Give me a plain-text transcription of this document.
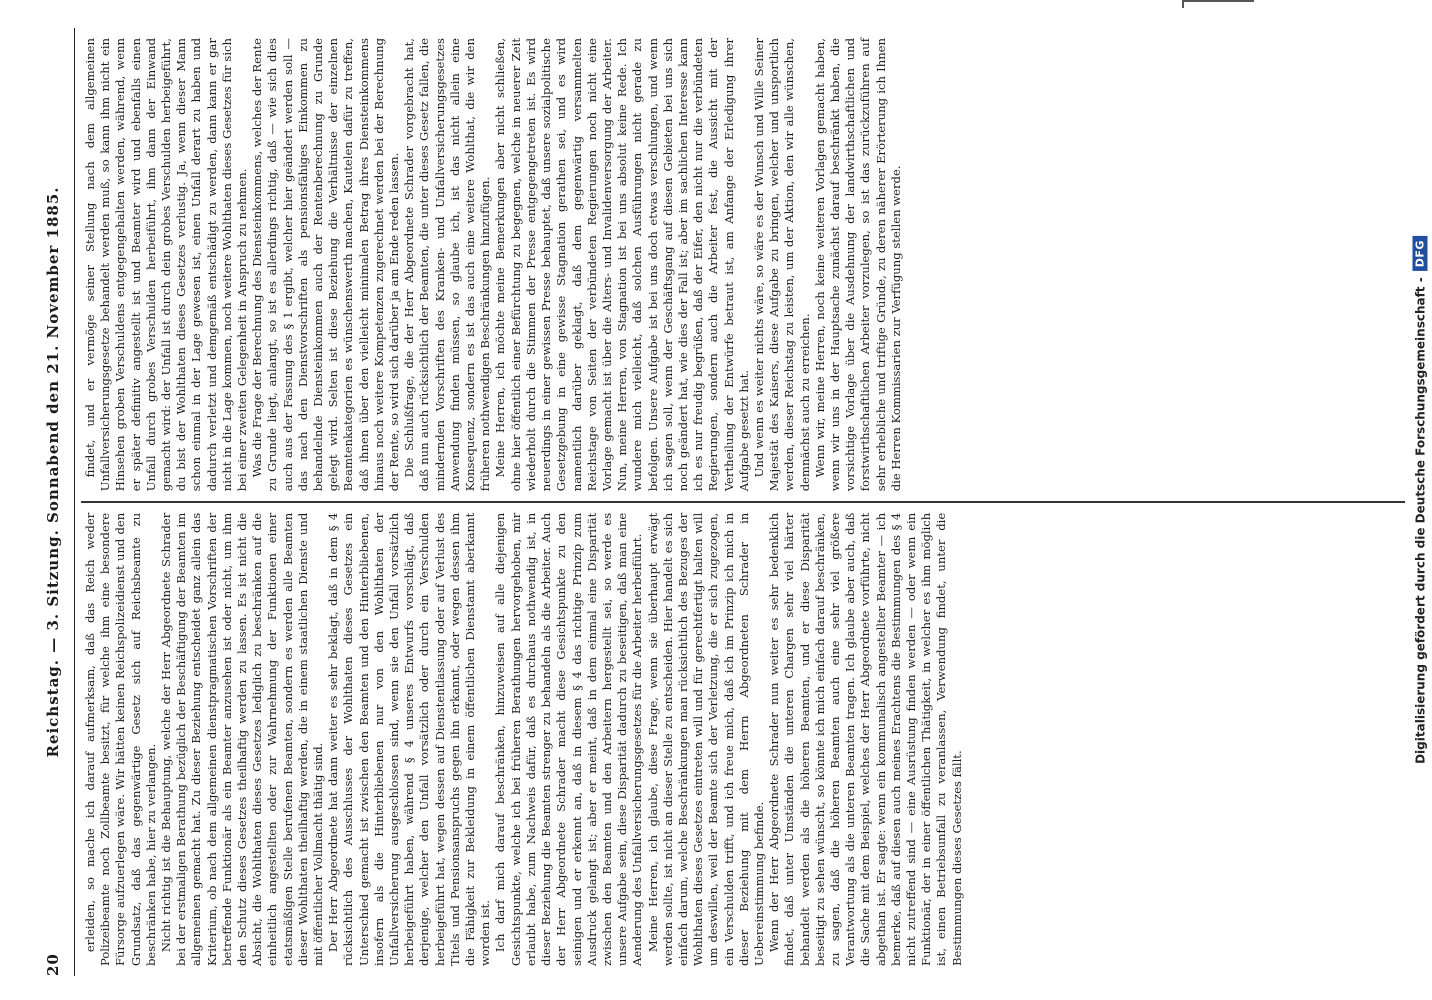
20
Reichstag. — 3. Sitzung. Sonnabend den 21. November 1885. erleiden, so mache ich darauf aufmerksam, daß das Reich weder Polizeibeamte noch Zollbeamte besitzt, für welche ihm eine besondere Fürsorge aufzuerlegen wäre. Wir hätten keinen Reichspolizeidienst und den Grundsatz, daß das gegenwärtige Gesetz sich auf Reichsbeamte zu beschränken habe, hier zu verlangen. Nicht richtig ist die Behauptung, welche der Herr Abgeordnete Schrader bei der erstmaligen Berathung bezüglich der Beschäftigung der Beamten im allgemeinen gemacht hat. Zu dieser Beziehung entscheidet ganz allein das Kriterium, ob nach dem allgemeinen dienstpragmatischen Vorschriften der betreffende Funktionär als ein Beamter anzusehen ist oder nicht, um ihm den Schutz dieses Gesetzes theilhaftig werden zu lassen. Es ist nicht die Absicht, die Wohlthaten dieses Gesetzes lediglich zu beschränken auf die einheitlich angestellten oder zur Wahrnehmung der Funktionen einer etatsmäßigen Stelle berufenen Beamten, sondern es werden alle Beamten dieser Wohlthaten theilhaftig werden, die in einem staatlichen Dienste und mit öffentlicher Vollmacht thätig sind. Der Herr Abgeordnete hat dann weiter es sehr beklagt, daß in dem § 4 rücksichtlich des Ausschlusses der Wohlthaten dieses Gesetzes ein Unterschied gemacht ist zwischen den Beamten und den Hinterbliebenen, insofern als die Hinterbliebenen nur von den Wohlthaten der Unfallversicherung ausgeschlossen sind, wenn sie den Unfall vorsätzlich herbeigeführt haben, während § 4 unseres Entwurfs vorschlägt, daß derjenige, welcher den Unfall vorsätzlich oder durch ein Verschulden herbeigeführt hat, wegen dessen auf Dienstentlassung oder auf Verlust des Titels und Pensionsanspruchs gegen ihn erkannt, oder wegen dessen ihm die Fähigkeit zur Bekleidung in einem öffentlichen Dienstamt aberkannt worden ist. Ich darf mich darauf beschränken, hinzuweisen auf alle diejenigen Gesichtspunkte, welche ich bei früheren Berathungen hervorgehoben, mir erlaubt habe, zum Nachweis dafür, daß es durchaus nothwendig ist, in dieser Beziehung die Beamten strenger zu behandeln als die Arbeiter. Auch der Herr Abgeordnete Schrader macht diese Gesichtspunkte zu den seinigen und er erkennt an, daß in diesem § 4 das richtige Prinzip zum Ausdruck gelangt ist; aber er meint, daß in dem einmal eine Disparität zwischen den Beamten und den Arbeitern hergestellt sei, so werde es unsere Aufgabe sein, diese Disparität dadurch zu beseitigen, daß man eine Aenderung des Unfallversicherungsgesetzes für die Arbeiter herbeiführt. Meine Herren, ich glaube, diese Frage, wenn sie überhaupt erwägt werden sollte, ist nicht an dieser Stelle zu entscheiden. Hier handelt es sich einfach darum, welche Beschränkungen man rücksichtlich des Bezuges der Wohlthaten dieses Gesetzes eintreten will und für gerechtfertigt halten will um deswillen, weil der Beamte sich der Verletzung, die er sich zugezogen, ein Verschulden trifft, und ich freue mich, daß ich im Prinzip ich mich in dieser Beziehung mit dem Herrn Abgeordneten Schrader in Uebereinstimmung befinde. Wenn der Herr Abgeordnete Schrader nun weiter es sehr bedenklich findet, daß unter Umständen die unteren Chargen sehr viel härter behandelt werden als die höheren Beamten, und er diese Disparität beseitigt zu sehen wünscht, so könnte ich mich einfach darauf beschränken, zu sagen, daß die höheren Beamten auch eine sehr viel größere Verantwortung als die unteren Beamten tragen. Ich glaube aber auch, daß die Sache mit dem Beispiel, welches der Herr Abgeordnete vorführte, nicht abgethan ist. Er sagte: wenn ein kommunalisch angestellter Beamter — ich bemerke, daß auf diesen auch meines Erachtens die Bestimmungen des § 4 nicht zutreffend sind — eine Ausrüstung finden werden — oder wenn ein Funktionär, der in einer öffentlichen Thätigkeit, in welcher es ihm möglich ist, einen Betriebsunfall zu veranlassen, Verwendung findet, unter die Bestimmungen dieses Gesetzes fällt.

findet, und er vermöge seiner Stellung nach dem allgemeinen Unfallversicherungsgesetze behandelt werden muß, so kann ihm nicht ein Hinsehen groben Verschuldens entgegengehalten werden, während, wenn er später definitiv angestellt ist und Beamter wird und ebenfalls einen Unfall durch grobes Verschulden herbeiführt, ihm dann der Einwand gemacht wird: der Unfall ist durch dein grobes Verschulden herbeigeführt, du bist der Wohlthaten dieses Gesetzes verlustig. Ja, wenn dieser Mann schon einmal in der Lage gewesen ist, einen Unfall derart zu haben und dadurch verletzt und demgemäß entschädigt zu werden, dann kann er gar nicht in die Lage kommen, noch weitere Wohlthaten dieses Gesetzes für sich bei einer zweiten Gelegenheit in Anspruch zu nehmen. Was die Frage der Berechnung des Diensteinkommens, welches der Rente zu Grunde liegt, anlangt, so ist es allerdings richtig, daß — wie sich dies auch aus der Fassung des § 1 ergibt, welcher hier geändert werden soll — das nach den Dienstvorschriften als pensionsfähiges Einkommen zu behandelnde Diensteinkommen auch der Rentenberechnung zu Grunde gelegt wird. Selten ist diese Beziehung die Verhältnisse der einzelnen Beamtenkategorien es wünschenswerth machen, Kautelen dafür zu treffen, daß ihnen über den vielleicht minimalen Betrag ihres Diensteinkommens hinaus noch weitere Kompetenzen zugerechnet werden bei der Berechnung der Rente, so wird sich darüber ja am Ende reden lassen. Die Schlußfrage, die der Herr Abgeordnete Schrader vorgebracht hat, daß nun auch rücksichtlich der Beamten, die unter dieses Gesetz fallen, die mindernden Vorschriften des Kranken- und Unfallversicherungsgesetzes Anwendung finden müssen, so glaube ich, ist das nicht allein eine Konsequenz, sondern es ist das auch eine weitere Wohlthat, die wir den früheren nothwendigen Beschränkungen hinzufügen. Meine Herren, ich möchte meine Bemerkungen aber nicht schließen, ohne hier öffentlich einer Befürchtung zu begegnen, welche in neuerer Zeit wiederholt durch die Stimmen der Presse entgegengetreten ist. Es wird neuerdings in einer gewissen Presse behauptet, daß unsere sozialpolitische Gesetzgebung in eine gewisse Stagnation gerathen sei, und es wird namentlich darüber geklagt, daß dem gegenwärtig versammelten Reichstage von Seiten der verbündeten Regierungen noch nicht eine Vorlage gemacht ist über die Alters- und Invalidenversorgung der Arbeiter. Nun, meine Herren, von Stagnation ist bei uns absolut keine Rede. Ich wundere mich vielleicht, daß solchen Ausführungen nicht gerade zu befolgen. Unsere Aufgabe ist bei uns doch etwas verschlungen, und wenn ich sagen soll, wenn der Geschäftsgang auf diesen Gebieten bei uns sich noch geändert hat, wie dies der Fall ist; aber im sachlichen Interesse kann ich es nur freudig begrüßen, daß der Eifer, den nicht nur die verbündeten Regierungen, sondern auch die Arbeiter fest, die Aussicht mit der Vertheilung der Entwürfe betraut ist, am Anfange der Erledigung ihrer Aufgabe gesetzt hat. Und wenn es weiter nichts wäre, so wäre es der Wunsch und Wille Seiner Majestät des Kaisers, diese Aufgabe zu bringen, welcher und unsportlich werden, dieser Reichstag zu leisten, um der Aktion, den wir alle wünschen, demnächst auch zu erreichen. Wenn wir, meine Herren, noch keine weiteren Vorlagen gemacht haben, wenn wir uns in der Hauptsache zunächst darauf beschränkt haben, die vorsichtige Vorlage über die Ausdehnung der landwirthschaftlichen und forstwirthschaftlichen Arbeiter vorzulegen, so ist das zurückzuführen auf sehr erhebliche und triftige Gründe, zu deren näherer Erörterung ich Ihnen die Herren Kommissarien zur Verfügung stellen werde.	Digitalisierung gefördert durch die Deutsche Forschungsgemeinschaft -
DFG
